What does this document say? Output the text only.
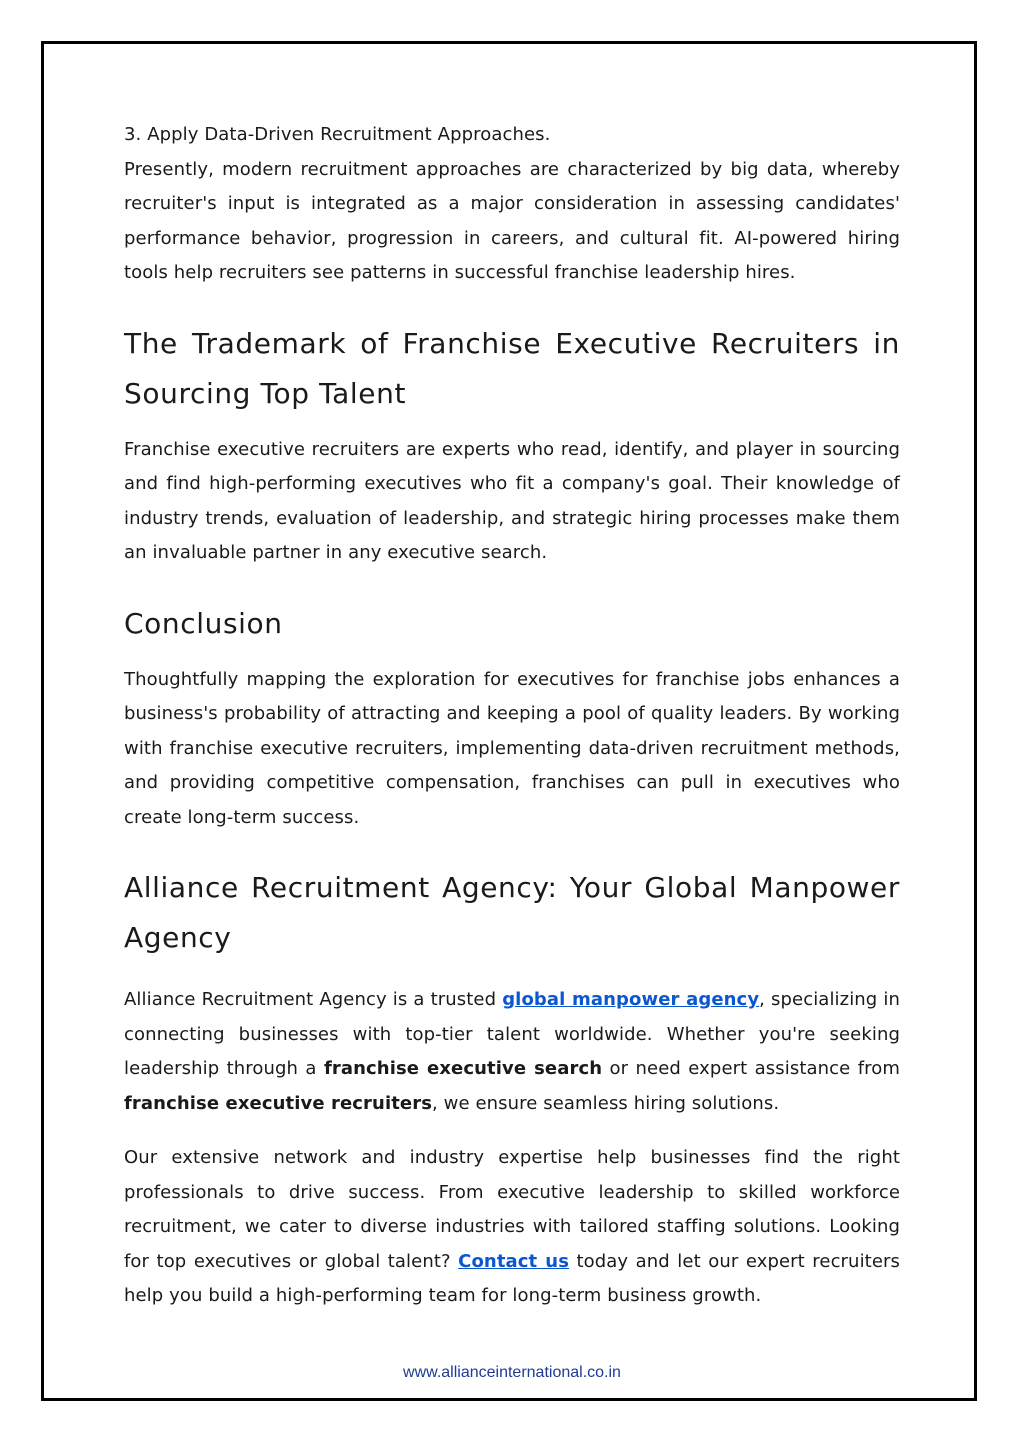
3. Apply Data-Driven Recruitment Approaches.

Presently, modern recruitment approaches are characterized by big data, whereby recruiter's input is integrated as a major consideration in assessing candidates' performance behavior, progression in careers, and cultural fit. AI-powered hiring tools help recruiters see patterns in successful franchise leadership hires.

The Trademark of Franchise Executive Recruiters in Sourcing Top Talent

Franchise executive recruiters are experts who read, identify, and player in sourcing and find high-performing executives who fit a company's goal. Their knowledge of industry trends, evaluation of leadership, and strategic hiring processes make them an invaluable partner in any executive search.

Conclusion

Thoughtfully mapping the exploration for executives for franchise jobs enhances a business's probability of attracting and keeping a pool of quality leaders. By working with franchise executive recruiters, implementing data-driven recruitment methods, and providing competitive compensation, franchises can pull in executives who create long-term success.

Alliance Recruitment Agency: Your Global Manpower Agency

Alliance Recruitment Agency is a trusted global manpower agency, specializing in connecting businesses with top-tier talent worldwide. Whether you're seeking leadership through a franchise executive search or need expert assistance from franchise executive recruiters, we ensure seamless hiring solutions.

Our extensive network and industry expertise help businesses find the right professionals to drive success. From executive leadership to skilled workforce recruitment, we cater to diverse industries with tailored staffing solutions. Looking for top executives or global talent? Contact us today and let our expert recruiters help you build a high-performing team for long-term business growth.

www.allianceinternational.co.in
